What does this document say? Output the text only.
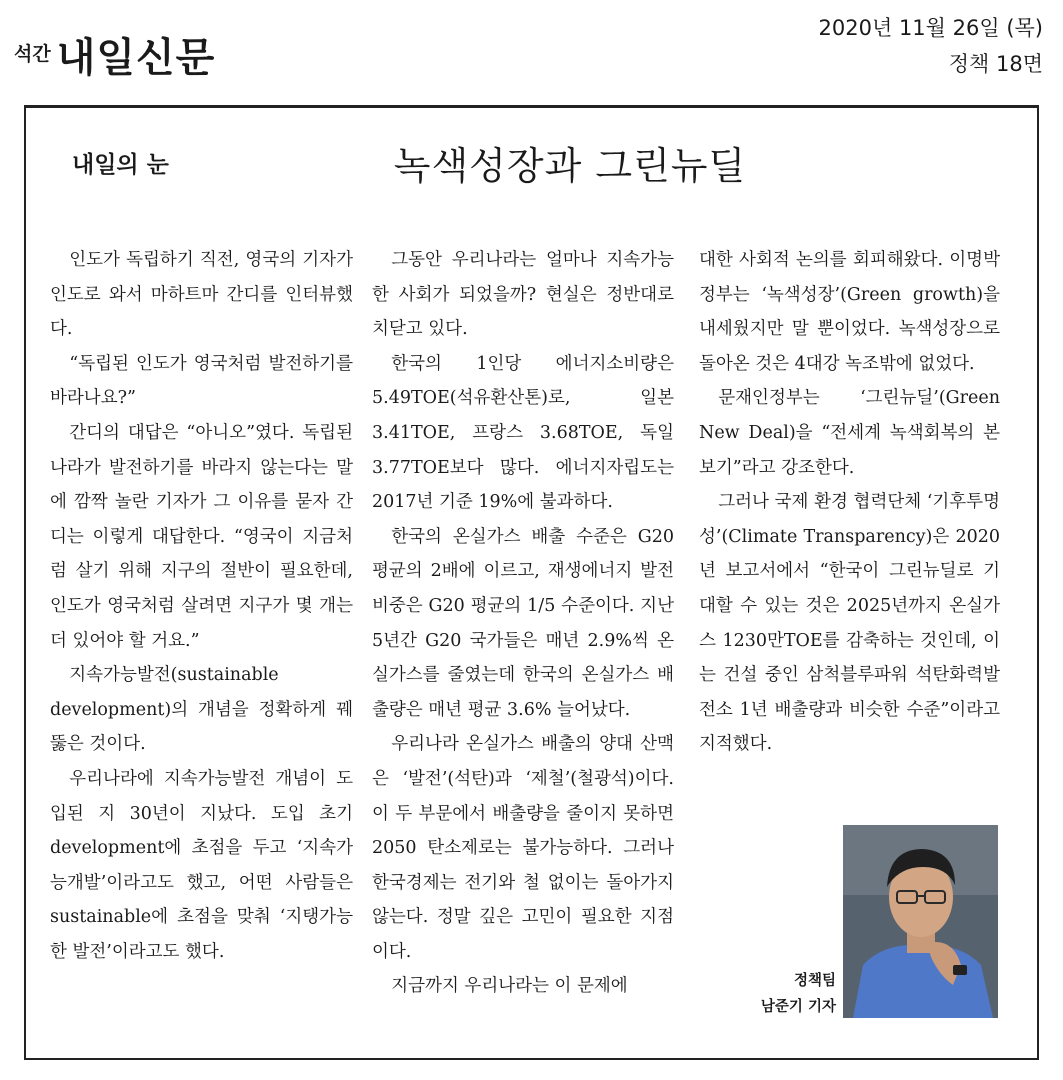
석간 내일신문
2020년 11월 26일 (목)
정책 18면
내일의 눈	녹색성장과 그린뉴딜

인도가 독립하기 직전, 영국의 기자가 인도로 와서 마하트마 간디를 인터뷰했다.

“독립된 인도가 영국처럼 발전하기를 바라나요?”

간디의 대답은 “아니오”였다. 독립된 나라가 발전하기를 바라지 않는다는 말에 깜짝 놀란 기자가 그 이유를 묻자 간디는 이렇게 대답한다. “영국이 지금처럼 살기 위해 지구의 절반이 필요한데, 인도가 영국처럼 살려면 지구가 몇 개는 더 있어야 할 거요.”

지속가능발전(sustainable development)의 개념을 정확하게 꿰뚫은 것이다.

우리나라에 지속가능발전 개념이 도입된 지 30년이 지났다. 도입 초기 development에 초점을 두고 ‘지속가능개발’이라고도 했고, 어떤 사람들은 sustainable에 초점을 맞춰 ‘지탱가능한 발전’이라고도 했다.

그동안 우리나라는 얼마나 지속가능한 사회가 되었을까? 현실은 정반대로 치닫고 있다.

한국의 1인당 에너지소비량은 5.49TOE(석유환산톤)로, 일본 3.41TOE, 프랑스 3.68TOE, 독일 3.77TOE보다 많다. 에너지자립도는 2017년 기준 19%에 불과하다.

한국의 온실가스 배출 수준은 G20 평균의 2배에 이르고, 재생에너지 발전 비중은 G20 평균의 1/5 수준이다. 지난 5년간 G20 국가들은 매년 2.9%씩 온실가스를 줄였는데 한국의 온실가스 배출량은 매년 평균 3.6% 늘어났다.

우리나라 온실가스 배출의 양대 산맥은 ‘발전’(석탄)과 ‘제철’(철광석)이다. 이 두 부문에서 배출량을 줄이지 못하면 2050 탄소제로는 불가능하다. 그러나 한국경제는 전기와 철 없이는 돌아가지 않는다. 정말 깊은 고민이 필요한 지점이다.

지금까지 우리나라는 이 문제에

대한 사회적 논의를 회피해왔다. 이명박정부는 ‘녹색성장’(Green growth)을 내세웠지만 말 뿐이었다. 녹색성장으로 돌아온 것은 4대강 녹조밖에 없었다.

문재인정부는 ‘그린뉴딜’(Green New Deal)을 “전세계 녹색회복의 본보기”라고 강조한다.

그러나 국제 환경 협력단체 ‘기후투명성’(Climate Transparency)은 2020년 보고서에서 “한국이 그린뉴딜로 기대할 수 있는 것은 2025년까지 온실가스 1230만TOE를 감축하는 것인데, 이는 건설 중인 삼척블루파워 석탄화력발전소 1년 배출량과 비슷한 수준”이라고 지적했다.

정책팀
남준기 기자
